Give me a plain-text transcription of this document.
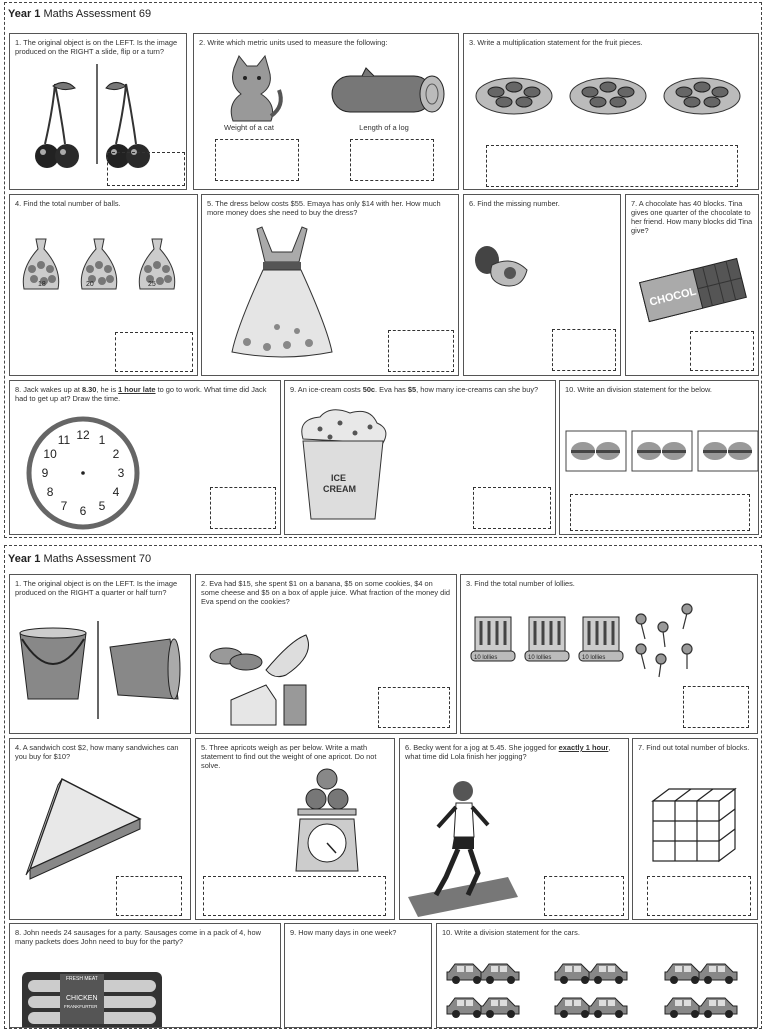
Year 1 Maths Assessment 69
1. The original object is on the LEFT. Is the image produced on the RIGHT a slide, flip or a turn?
2. Write which metric units used to measure the following:
Weight of a cat	Length of a log
3. Write a multiplication statement for the fruit pieces.
4. Find the total number of balls.
18	20	25
5. The dress below costs $55. Emaya has only $14 with her. How much more money does she need to buy the dress?
6. Find the missing number.	7. A chocolate has 40 blocks. Tina gives one quarter of the chocolate to her friend. How many blocks did Tina give?
CHOCOL
8. Jack wakes up at 8.30, he is 1 hour late to go to work. What time did Jack had to get up at? Draw the time.
12 1
2
3
4
5
6
7
8
9
10
11
9. An ice-cream costs 50c. Eva has $5, how many ice-creams can she buy?
ICE
CREAM
10. Write an division statement for the below.
Year 1 Maths Assessment 70
1. The original object is on the LEFT. Is the image produced on the RIGHT a quarter or half turn?
2. Eva had $15, she spent $1 on a banana, $5 on some cookies, $4 on some cheese and $5 on a box of apple juice. What fraction of the money did Eva spend on the cookies?
3. Find the total number of lollies.
10 lollies	10 lollies	10 lollies
4. A sandwich cost $2, how many sandwiches can you buy for $10?
5. Three apricots weigh as per below. Write a math statement to find out the weight of one apricot. Do not solve.
6. Becky went for a jog at 5.45. She jogged for exactly 1 hour, what time did Lola finish her jogging?
7. Find out total number of blocks.
8. John needs 24 sausages for a party. Sausages come in a pack of 4, how many packets does John need to buy for the party?
FRESH MEAT
CHICKEN
FRANKFURTER
9. How many days in one week?	10. Write a division statement for the cars.
